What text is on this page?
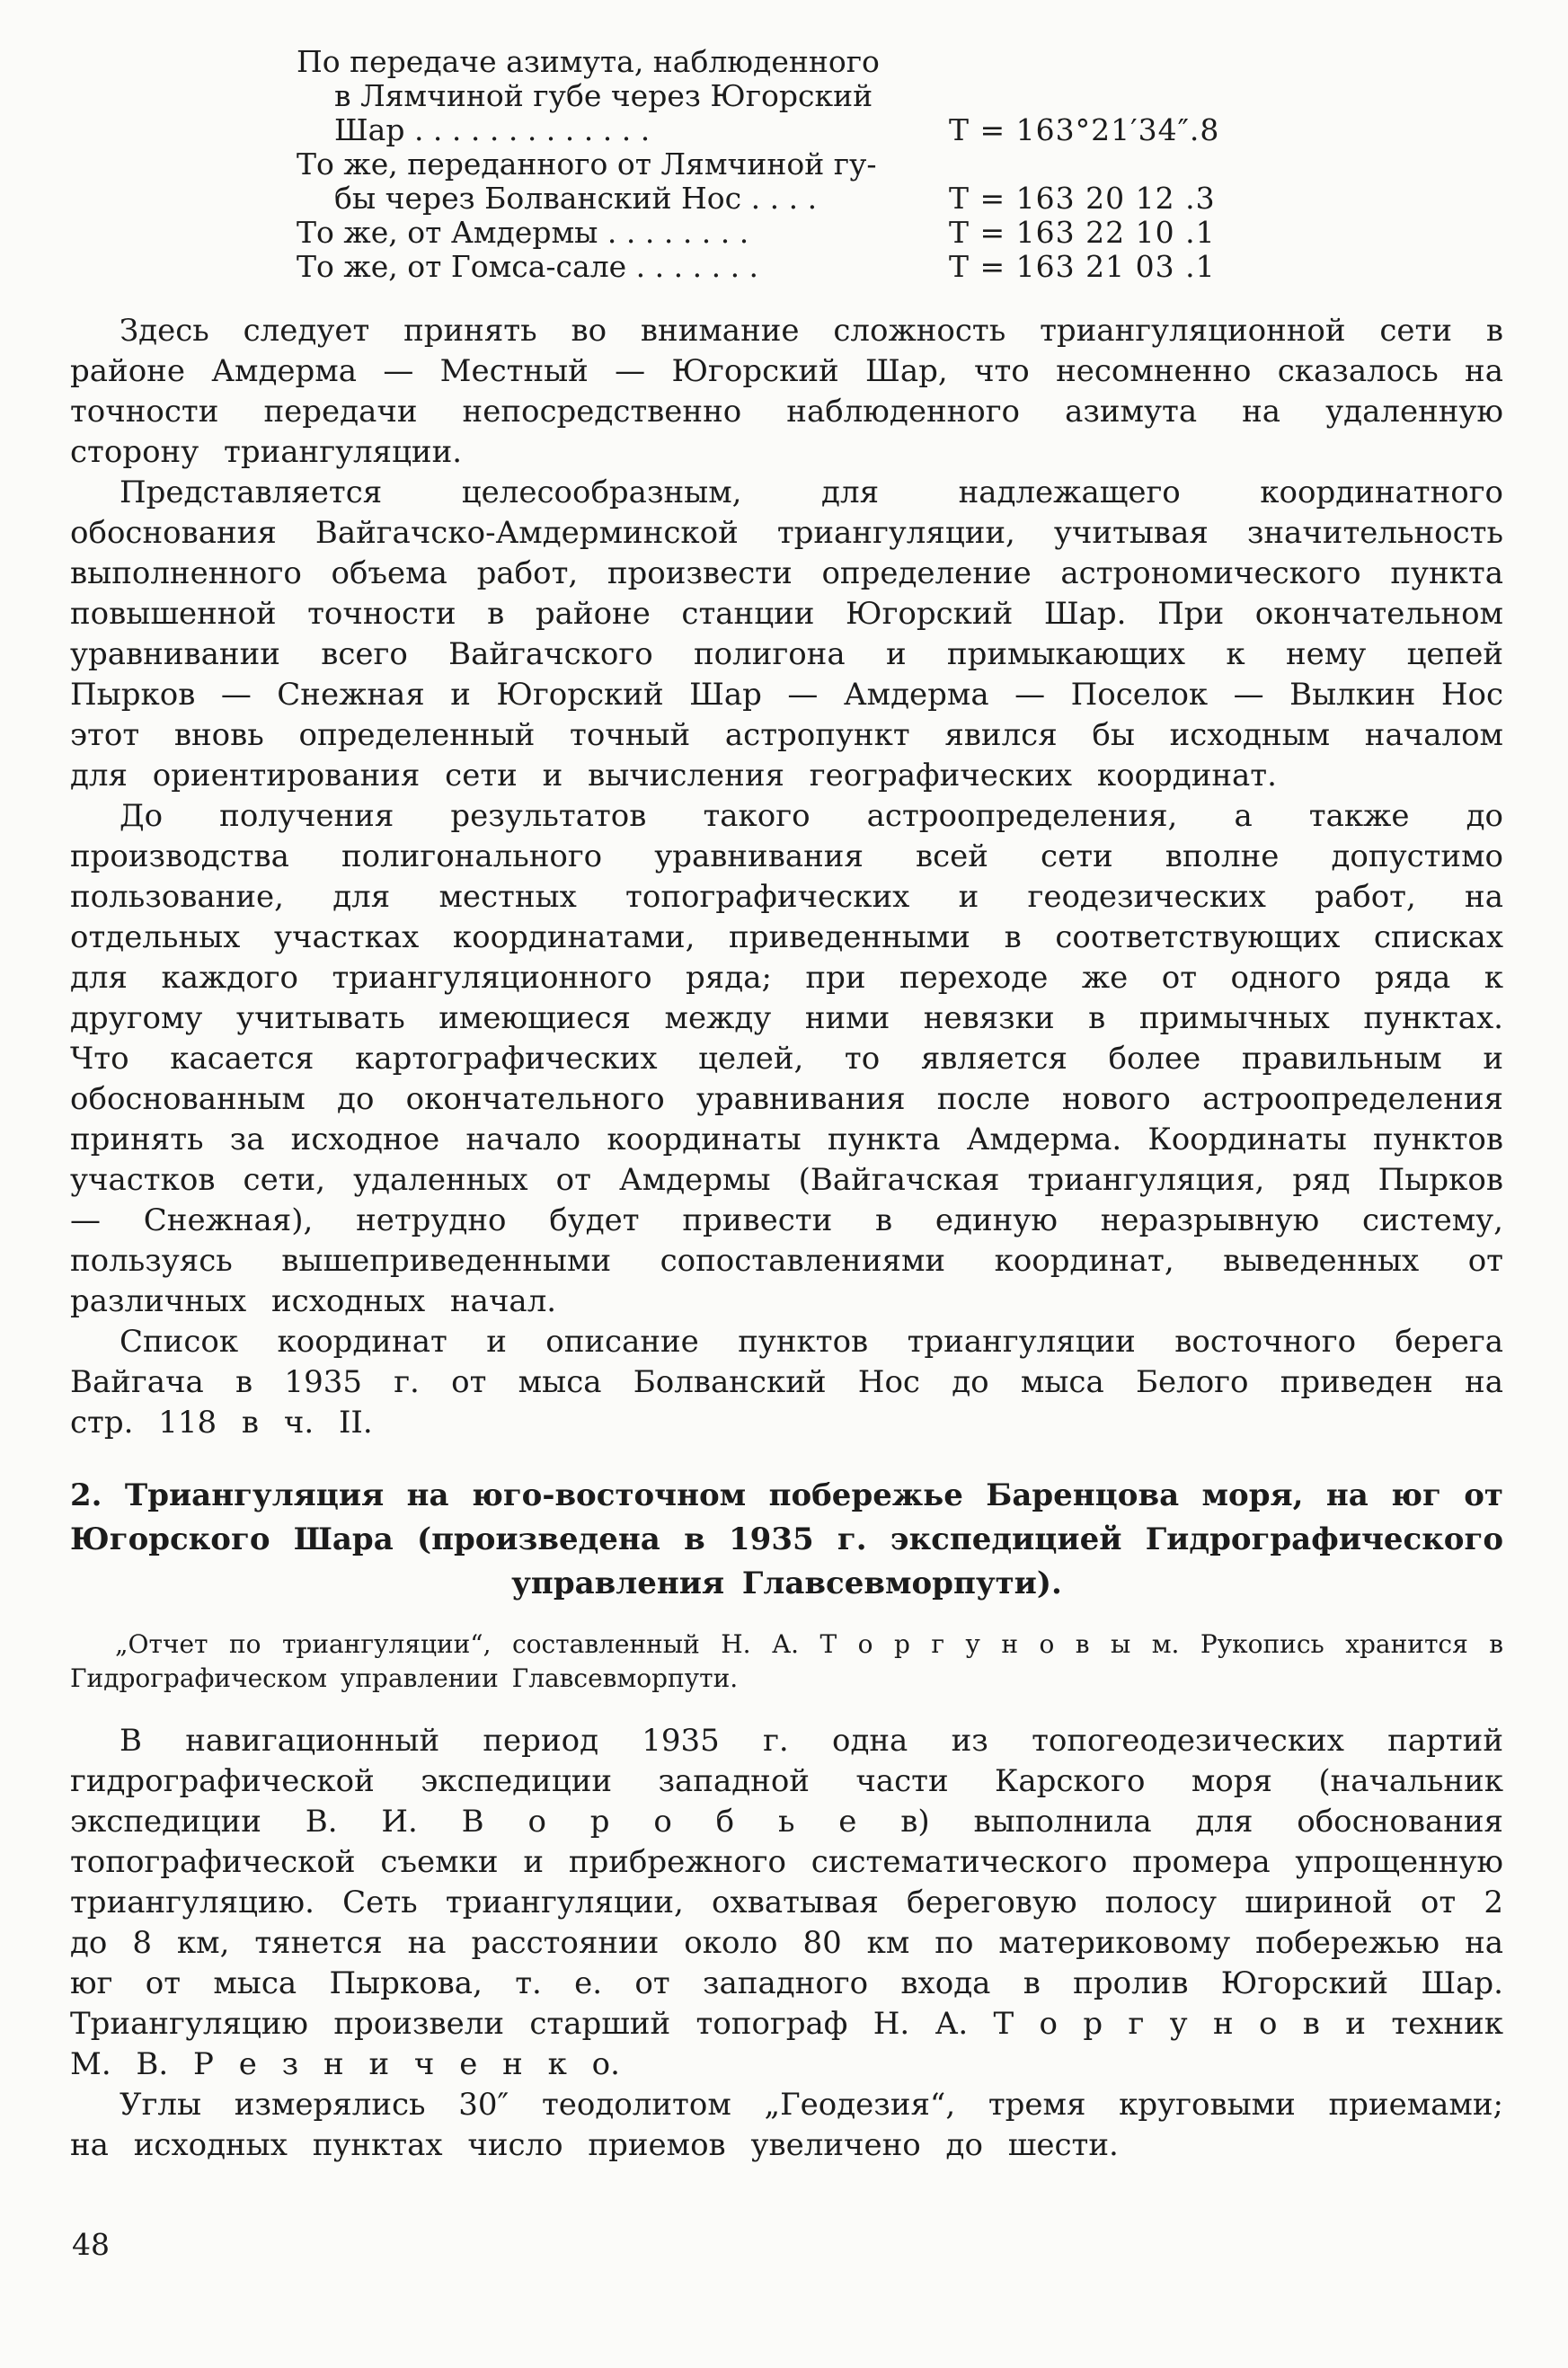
По передаче азимута, наблюденного
в Лямчиной губе через Югорский
Шар . . . . . . . . . . . . .	Т = 163°21′34″.8
То же, переданного от Лямчиной гу-
бы через Болванский Нос . . . .	Т = 163 20 12 .3
То же, от Амдермы . . . . . . . .	Т = 163 22 10 .1
То же, от Гомса-сале . . . . . . .	Т = 163 21 03 .1

Здесь следует принять во внимание сложность триангуляционной сети в районе Амдерма — Местный — Югорский Шар, что несомненно сказалось на точности передачи непосредственно наблюденного азимута на удаленную сторону триангуляции.

Представляется целесообразным, для надлежащего координатного обоснования Вайгачско-Амдерминской триангуляции, учитывая значительность выполненного объема работ, произвести определение астрономического пункта повышенной точности в районе станции Югорский Шар. При окончательном уравнивании всего Вайгачского полигона и примыкающих к нему цепей Пырков — Снежная и Югорский Шар — Амдерма — Поселок — Вылкин Нос этот вновь определенный точный астропункт явился бы исходным началом для ориентирования сети и вычисления географических координат.

До получения результатов такого астроопределения, а также до производства полигонального уравнивания всей сети вполне допустимо пользование, для местных топографических и геодезических работ, на отдельных участках координатами, приведенными в соответствующих списках для каждого триангуляционного ряда; при переходе же от одного ряда к другому учитывать имеющиеся между ними невязки в примычных пунктах. Что касается картографических целей, то является более правильным и обоснованным до окончательного уравнивания после нового астроопределения принять за исходное начало координаты пункта Амдерма. Координаты пунктов участков сети, удаленных от Амдермы (Вайгачская триангуляция, ряд Пырков — Снежная), нетрудно будет привести в единую неразрывную систему, пользуясь вышеприведенными сопоставлениями координат, выведенных от различных исходных начал.

Список координат и описание пунктов триангуляции восточного берега Вайгача в 1935 г. от мыса Болванский Нос до мыса Белого приведен на стр. 118 в ч. II.

2. Триангуляция на юго-восточном побережье Баренцова моря, на юг от Югорского Шара (произведена в 1935 г. экспедицией Гидрографического управления Главсевморпути).

„Отчет по триангуляции“, составленный Н. А. Т о р г у н о в ы м. Рукопись хранится в Гидрографическом управлении Главсевморпути.

В навигационный период 1935 г. одна из топогеодезических партий гидрографической экспедиции западной части Карского моря (начальник экспедиции В. И. В о р о б ь е в) выполнила для обоснования топографической съемки и прибрежного систематического промера упрощенную триангуляцию. Сеть триангуляции, охватывая береговую полосу шириной от 2 до 8 км, тянется на расстоянии около 80 км по материковому побережью на юг от мыса Пыркова, т. е. от западного входа в пролив Югорский Шар. Триангуляцию произвели старший топограф Н. А. Т о р г у н о в и техник М. В. Р е з н и ч е н к о.

Углы измерялись 30″ теодолитом „Геодезия“, тремя круговыми приемами; на исходных пунктах число приемов увеличено до шести.

48
